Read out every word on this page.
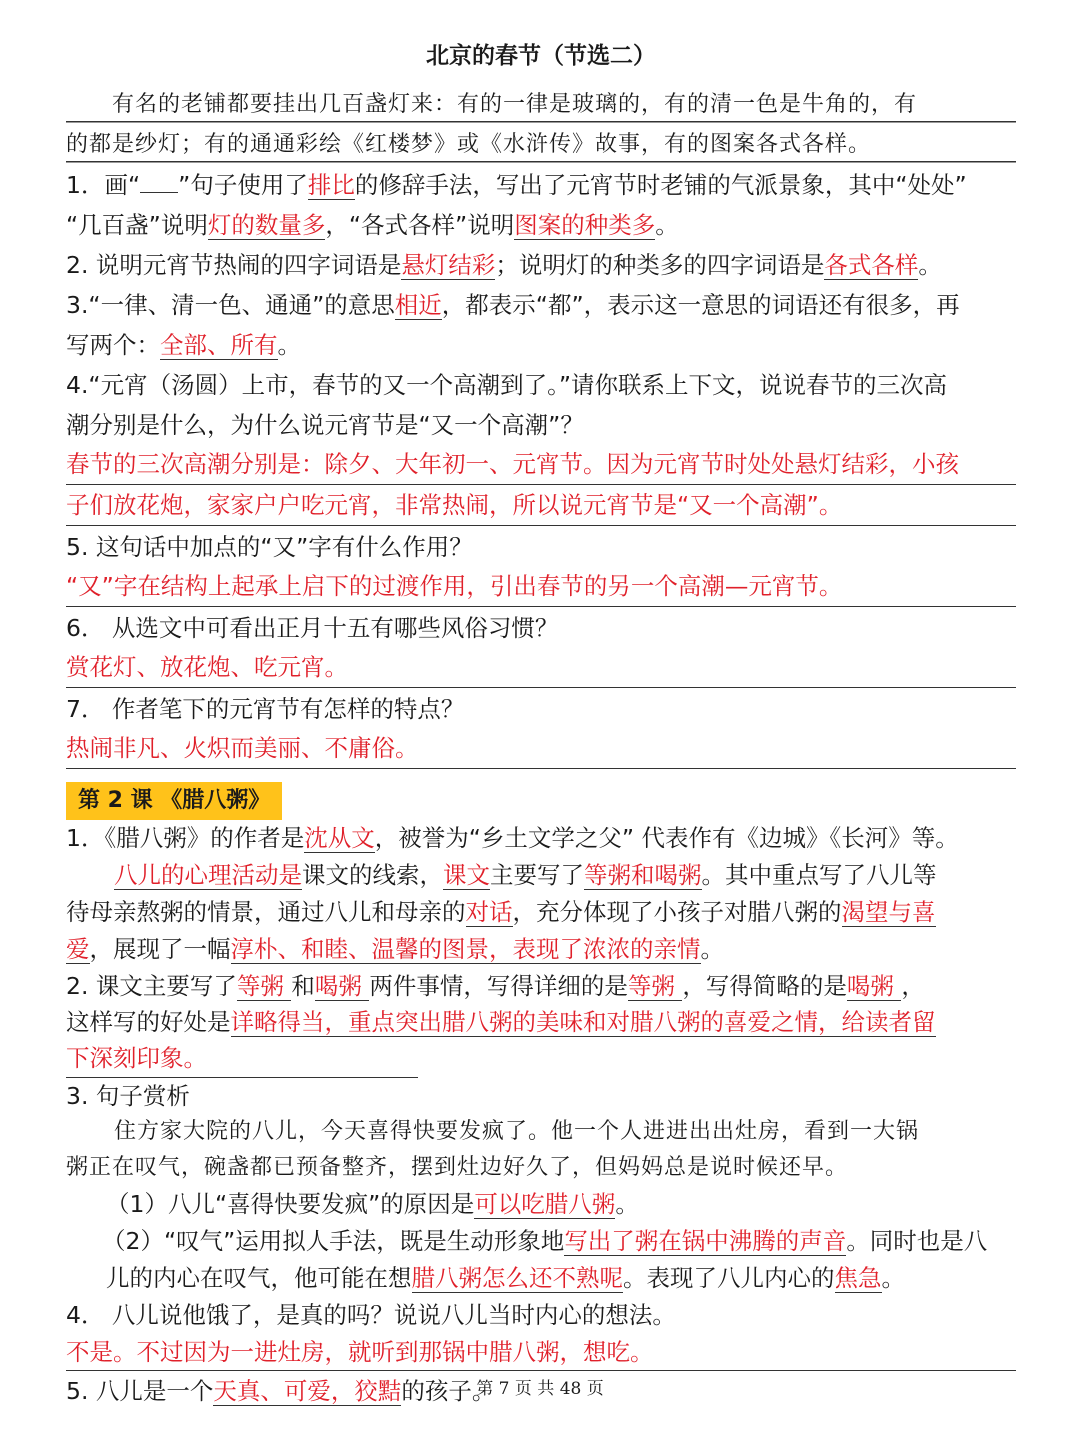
北京的春节（节选二）
有名的老铺都要挂出几百盏灯来：有的一律是玻璃的，有的清一色是牛角的，有
的都是纱灯；有的通通彩绘《红楼梦》或《水浒传》故事，有的图案各式各样。
1．画“ ”句子使用了排比的修辞手法，写出了元宵节时老铺的气派景象，其中“处处”
“几百盏”说明灯的数量多，“各式各样”说明图案的种类多。
2. 说明元宵节热闹的四字词语是悬灯结彩；说明灯的种类多的四字词语是各式各样。
3.“一律、清一色、通通”的意思相近，都表示“都”，表示这一意思的词语还有很多，再
写两个：全部、所有。
4.“元宵（汤圆）上市，春节的又一个高潮到了。”请你联系上下文，说说春节的三次高
潮分别是什么，为什么说元宵节是“又一个高潮”？
春节的三次高潮分别是：除夕、大年初一、元宵节。因为元宵节时处处悬灯结彩，小孩
子们放花炮，家家户户吃元宵，非常热闹，所以说元宵节是“又一个高潮”。
5. 这句话中加点的“又”字有什么作用？
“又”字在结构上起承上启下的过渡作用，引出春节的另一个高潮—元宵节。
6． 从选文中可看出正月十五有哪些风俗习惯？
赏花灯、放花炮、吃元宵。
7． 作者笔下的元宵节有怎样的特点？
热闹非凡、火炽而美丽、不庸俗。
第 2 课 《腊八粥》
1．《腊八粥》的作者是沈从文，被誉为“乡土文学之父” 代表作有《边城》《长河》等。
八儿的心理活动是课文的线索，课文主要写了等粥和喝粥。其中重点写了八儿等
待母亲熬粥的情景，通过八儿和母亲的对话，充分体现了小孩子对腊八粥的渴望与喜
爱，展现了一幅淳朴、和睦、温馨的图景，表现了浓浓的亲情。
2. 课文主要写了等粥 和喝粥 两件事情，写得详细的是等粥 ，写得简略的是喝粥 ，
这样写的好处是详略得当，重点突出腊八粥的美味和对腊八粥的喜爱之情，给读者留
下深刻印象。
3. 句子赏析
住方家大院的八儿，今天喜得快要发疯了。他一个人进进出出灶房，看到一大锅
粥正在叹气，碗盏都已预备整齐，摆到灶边好久了，但妈妈总是说时候还早。
（1）八儿“喜得快要发疯”的原因是可以吃腊八粥。
（2）“叹气”运用拟人手法，既是生动形象地写出了粥在锅中沸腾的声音。同时也是八
儿的内心在叹气，他可能在想腊八粥怎么还不熟呢。表现了八儿内心的焦急。
4． 八儿说他饿了，是真的吗？说说八儿当时内心的想法。
不是。不过因为一进灶房，就听到那锅中腊八粥，想吃。
5. 八儿是一个天真、可爱，狡黠的孩子。
第 7 页 共 48 页
